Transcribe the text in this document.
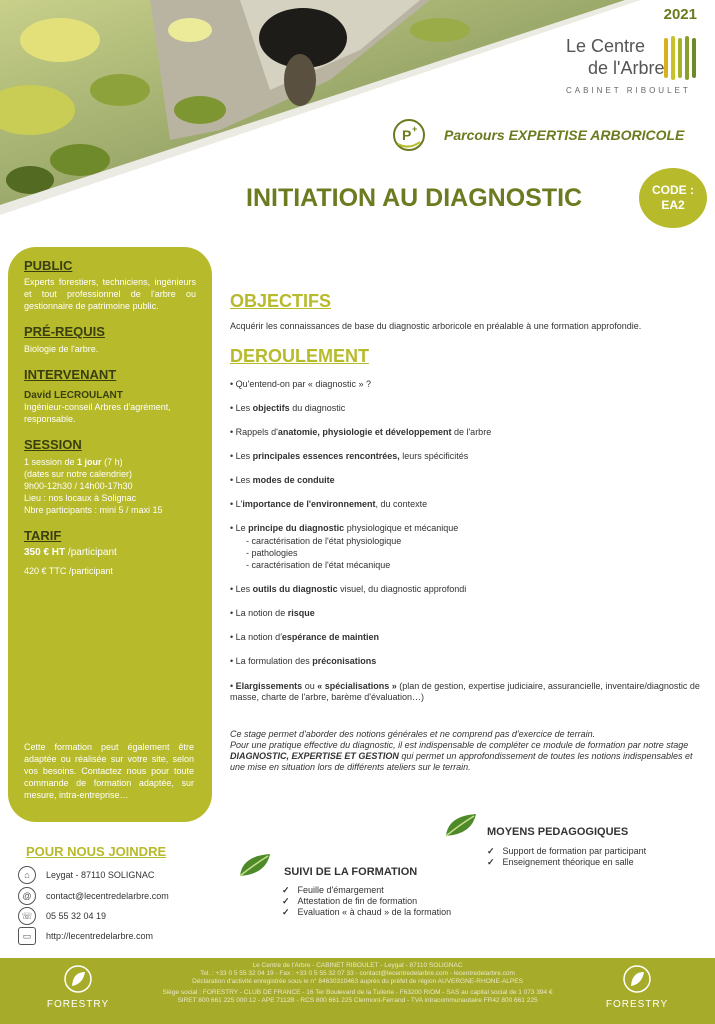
2021
Le Centre
de l'Arbre
CABINET RIBOULET
P + Parcours EXPERTISE ARBORICOLE
INITIATION AU DIAGNOSTIC	CODE :
EA2

PUBLIC

Experts forestiers, techniciens, ingénieurs et tout professionnel de l'arbre ou gestionnaire de patrimoine public.

PRÉ-REQUIS

Biologie de l'arbre.

INTERVENANT

David LECROULANT

Ingénieur-conseil Arbres d'agrément, responsable.

SESSION

1 session de 1 jour (7 h)

(dates sur notre calendrier)

9h00-12h30 / 14h00-17h30

Lieu : nos locaux à Solignac

Nbre participants : mini 5 / maxi 15

TARIF

350 € HT /participant

420 € TTC /participant

Cette formation peut également être adaptée ou réalisée sur votre site, selon vos besoins. Contactez nous pour toute commande de formation adaptée, sur mesure, intra-entreprise…
OBJECTIFS
Acquérir les connaissances de base du diagnostic arboricole en préalable à une formation approfondie.
DEROULEMENT
• Qu'entend-on par « diagnostic » ?
• Les objectifs du diagnostic
• Rappels d'anatomie, physiologie et développement de l'arbre
• Les principales essences rencontrées, leurs spécificités
• Les modes de conduite
• L'importance de l'environnement, du contexte
• Le principe du diagnostic physiologique et mécanique
- caractérisation de l'état physiologique
- pathologies
- caractérisation de l'état mécanique
• Les outils du diagnostic visuel, du diagnostic approfondi
• La notion de risque
• La notion d'espérance de maintien
• La formulation des préconisations
• Elargissements ou « spécialisations » (plan de gestion, expertise judiciaire, assurancielle, inventaire/diagnostic de masse, charte de l'arbre, barème d'évaluation…)
Ce stage permet d'aborder des notions générales et ne comprend pas d'exercice de terrain.
Pour une pratique effective du diagnostic, il est indispensable de compléter ce module de formation par notre stage DIAGNOSTIC, EXPERTISE ET GESTION qui permet un approfondissement de toutes les notions indispensables et une mise en situation lors de différents ateliers sur le terrain.
POUR NOUS JOINDRE
⌂	Leygat - 87110 SOLIGNAC
@	contact@lecentredelarbre.com
☏	05 55 32 04 19
▭	http://lecentredelarbre.com
SUIVI DE LA FORMATION
✓ Feuille d'émargement
✓ Attestation de fin de formation
✓ Evaluation « à chaud » de la formation
MOYENS PEDAGOGIQUES
✓ Support de formation par participant
✓ Enseignement théorique en salle
Le Centre de l'Arbre - CABINET RIBOULET - Leygat - 87110 SOLIGNAC
Tel. : +33 0 5 55 32 04 19 - Fax : +33 0 5 55 32 07 33 - contact@lecentredelarbre.com - lecentredelarbre.com
Déclaration d'activité enregistrée sous le n° 84630310463 auprès du préfet de région AUVERGNE-RHONE-ALPES
Siège social : FORESTRY - CLUB DE FRANCE - 16 Ter Boulevard de la Tuilerie - F63200 RIOM - SAS au capital social de 1 073 394 €
SIRET 800 661 225 000 12 - APE 7112B - RCS 800 661 225 Clermont-Ferrand - TVA intracommunautaire FR42 800 661 225
FORESTRY	FORESTRY
